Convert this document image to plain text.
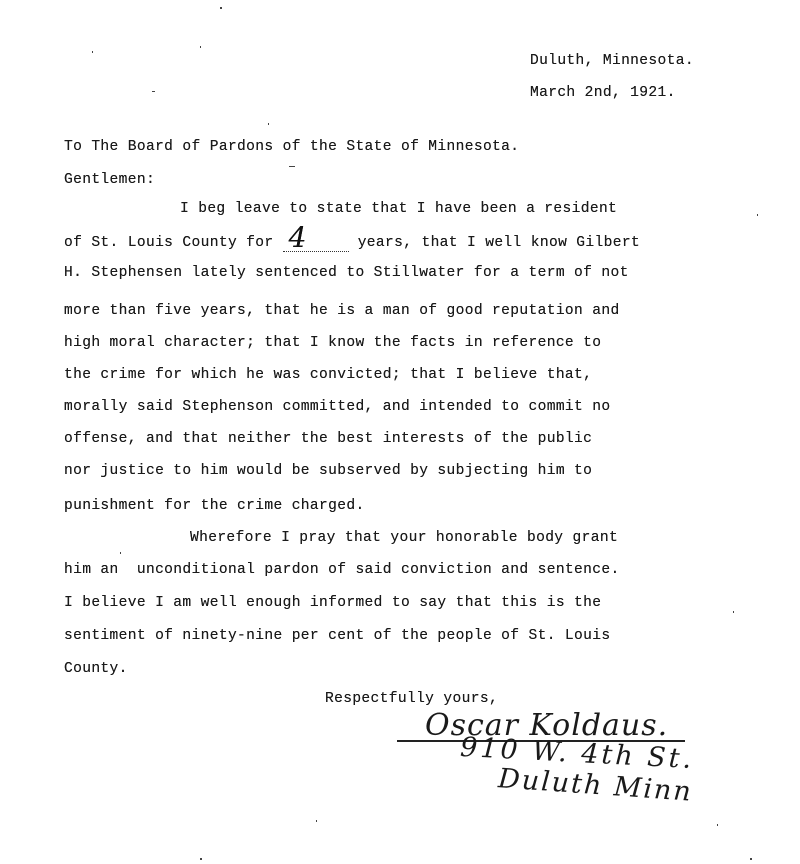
Duluth, Minnesota.
March 2nd, 1921.
To The Board of Pardons of the State of Minnesota.
Gentlemen:
I beg leave to state that I have been a resident
of St. Louis County for 4	years, that I well know Gilbert
H. Stephensen lately sentenced to Stillwater for a term of not
more than five years, that he is a man of good reputation and
high moral character; that I know the facts in reference to
the crime for which he was convicted; that I believe that,
morally said Stephenson committed, and intended to commit no
offense, and that neither the best interests of the public
nor justice to him would be subserved by subjecting him to
punishment for the crime charged.
Wherefore I pray that your honorable body grant
him an  unconditional pardon of said conviction and sentence.
I believe I am well enough informed to say that this is the
sentiment of ninety-nine per cent of the people of St. Louis
County.
Respectfully yours,
Oscar Koldaus.
910 W. 4th St.
Duluth Minn
